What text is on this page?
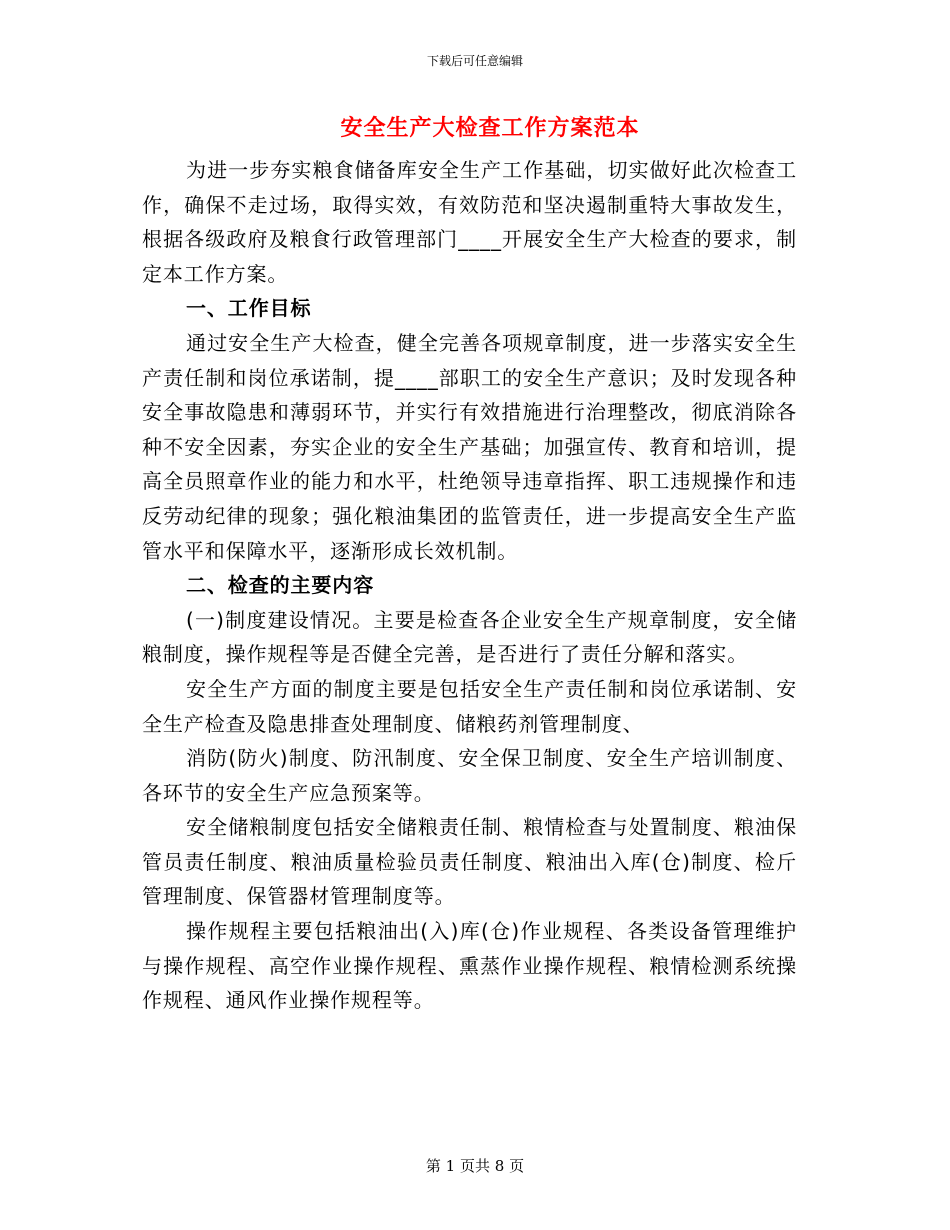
下载后可任意编辑
安全生产大检查工作方案范本

为进一步夯实粮食储备库安全生产工作基础，切实做好此次检查工作，确保不走过场，取得实效，有效防范和坚决遏制重特大事故发生，根据各级政府及粮食行政管理部门____开展安全生产大检查的要求，制定本工作方案。

一、工作目标

通过安全生产大检查，健全完善各项规章制度，进一步落实安全生产责任制和岗位承诺制，提____部职工的安全生产意识；及时发现各种安全事故隐患和薄弱环节，并实行有效措施进行治理整改，彻底消除各种不安全因素，夯实企业的安全生产基础；加强宣传、教育和培训，提高全员照章作业的能力和水平，杜绝领导违章指挥、职工违规操作和违反劳动纪律的现象；强化粮油集团的监管责任，进一步提高安全生产监管水平和保障水平，逐渐形成长效机制。

二、检查的主要内容

(一)制度建设情况。主要是检查各企业安全生产规章制度，安全储粮制度，操作规程等是否健全完善，是否进行了责任分解和落实。

安全生产方面的制度主要是包括安全生产责任制和岗位承诺制、安全生产检查及隐患排查处理制度、储粮药剂管理制度、

消防(防火)制度、防汛制度、安全保卫制度、安全生产培训制度、各环节的安全生产应急预案等。

安全储粮制度包括安全储粮责任制、粮情检查与处置制度、粮油保管员责任制度、粮油质量检验员责任制度、粮油出入库(仓)制度、检斤管理制度、保管器材管理制度等。

操作规程主要包括粮油出(入)库(仓)作业规程、各类设备管理维护与操作规程、高空作业操作规程、熏蒸作业操作规程、粮情检测系统操作规程、通风作业操作规程等。

第 1 页共 8 页
